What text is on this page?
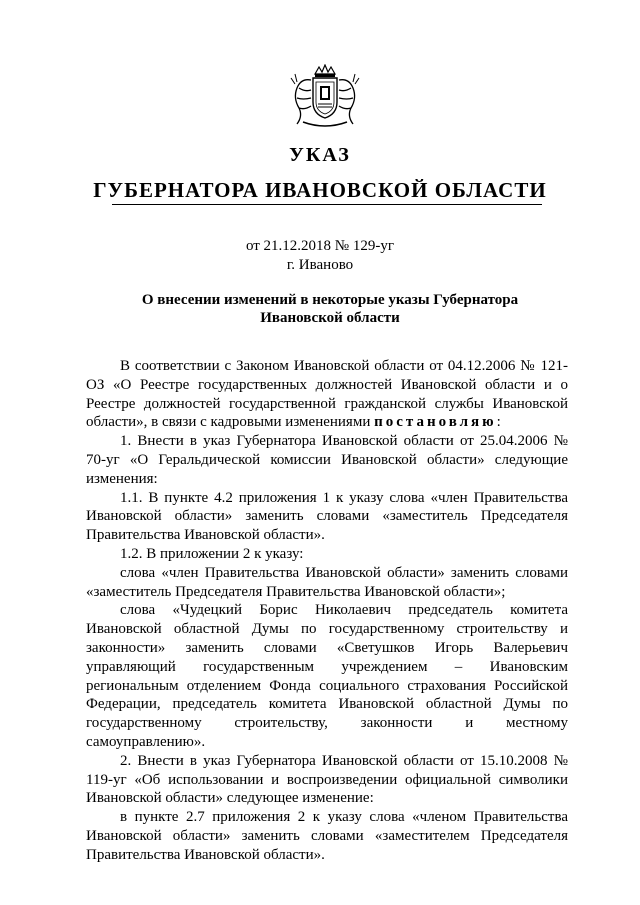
УКАЗ
ГУБЕРНАТОРА ИВАНОВСКОЙ ОБЛАСТИ
от 21.12.2018 № 129-уг
г. Иваново
О внесении изменений в некоторые указы Губернатора Ивановской области

В соответствии с Законом Ивановской области от 04.12.2006 № 121-ОЗ «О Реестре государственных должностей Ивановской области и о Реестре должностей государственной гражданской службы Ивановской области», в связи с кадровыми изменениями постановляю:

1. Внести в указ Губернатора Ивановской области от 25.04.2006 № 70-уг «О Геральдической комиссии Ивановской области» следующие изменения:

1.1. В пункте 4.2 приложения 1 к указу слова «член Правительства Ивановской области» заменить словами «заместитель Председателя Правительства Ивановской области».

1.2. В приложении 2 к указу:

слова «член Правительства Ивановской области» заменить словами «заместитель Председателя Правительства Ивановской области»;

слова «Чудецкий Борис Николаевич председатель комитета Ивановской областной Думы по государственному строительству и законности» заменить словами «Светушков Игорь Валерьевич управляющий государственным учреждением – Ивановским региональным отделением Фонда социального страхования Российской Федерации, председатель комитета Ивановской областной Думы по государственному строительству, законности и местному самоуправлению».

2. Внести в указ Губернатора Ивановской области от 15.10.2008 № 119-уг «Об использовании и воспроизведении официальной символики Ивановской области» следующее изменение:

в пункте 2.7 приложения 2 к указу слова «членом Правительства Ивановской области» заменить словами «заместителем Председателя Правительства Ивановской области».
